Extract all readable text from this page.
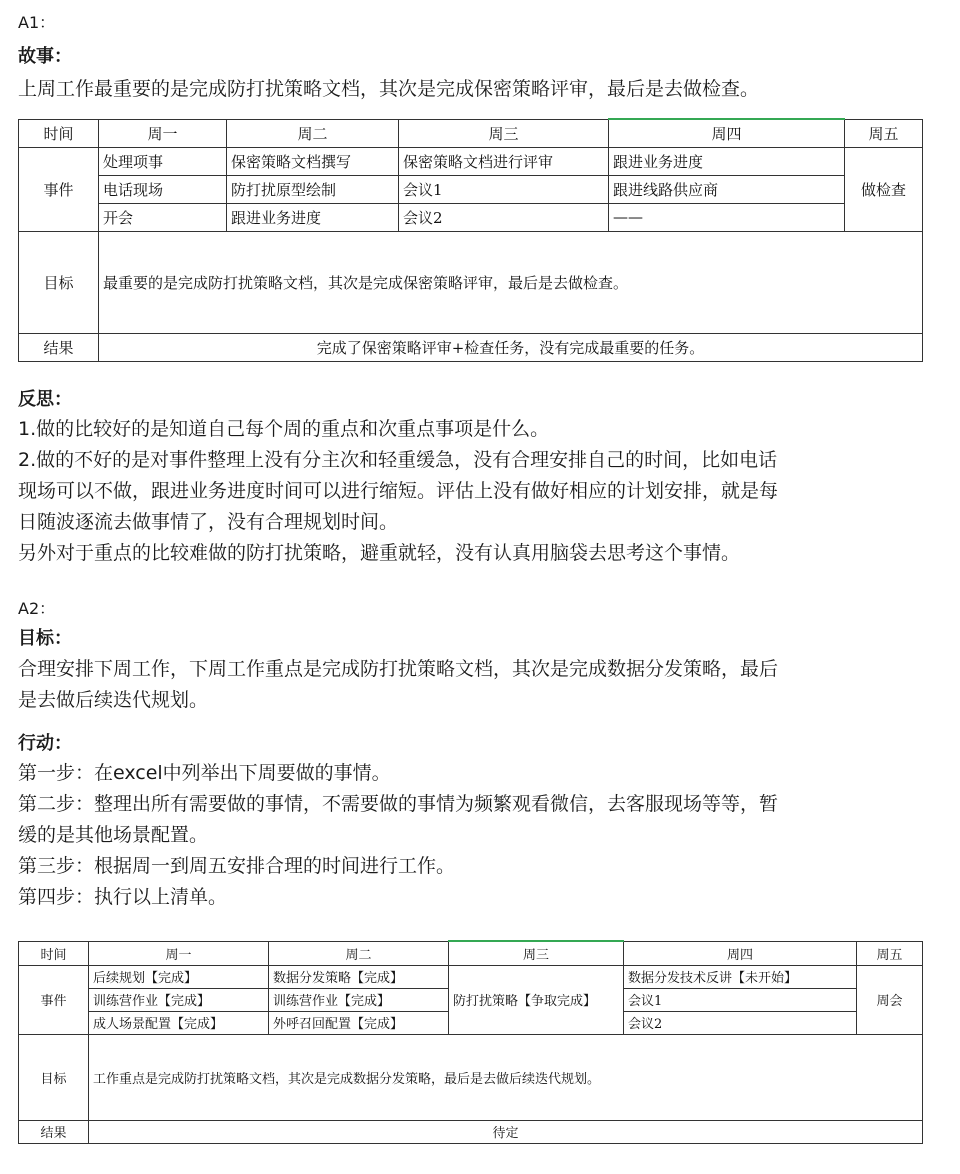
A1：
故事：
上周工作最重要的是完成防打扰策略文档，其次是完成保密策略评审，最后是去做检查。
时间	周一	周二	周三	周四	周五
事件	处理项事	保密策略文档撰写	保密策略文档进行评审	跟进业务进度	做检查
	电话现场	防打扰原型绘制	会议1	跟进线路供应商	
	开会	跟进业务进度	会议2	——	
目标	最重要的是完成防打扰策略文档，其次是完成保密策略评审，最后是去做检查。				
结果	完成了保密策略评审+检查任务，没有完成最重要的任务。				
反思：

1.做的比较好的是知道自己每个周的重点和次重点事项是什么。

2.做的不好的是对事件整理上没有分主次和轻重缓急，没有合理安排自己的时间，比如电话

现场可以不做，跟进业务进度时间可以进行缩短。评估上没有做好相应的计划安排，就是每

日随波逐流去做事情了，没有合理规划时间。

另外对于重点的比较难做的防打扰策略，避重就轻，没有认真用脑袋去思考这个事情。

A2：
目标：

合理安排下周工作，下周工作重点是完成防打扰策略文档，其次是完成数据分发策略，最后

是去做后续迭代规划。

行动：

第一步：在excel中列举出下周要做的事情。

第二步：整理出所有需要做的事情，不需要做的事情为频繁观看微信，去客服现场等等，暂

缓的是其他场景配置。

第三步：根据周一到周五安排合理的时间进行工作。

第四步：执行以上清单。

时间	周一	周二	周三	周四	周五
事件	后续规划【完成】	数据分发策略【完成】	防打扰策略【争取完成】	数据分发技术反讲【未开始】	周会
	训练营作业【完成】	训练营作业【完成】		会议1	
	成人场景配置【完成】	外呼召回配置【完成】		会议2	
目标	工作重点是完成防打扰策略文档，其次是完成数据分发策略，最后是去做后续迭代规划。				
结果	待定				
